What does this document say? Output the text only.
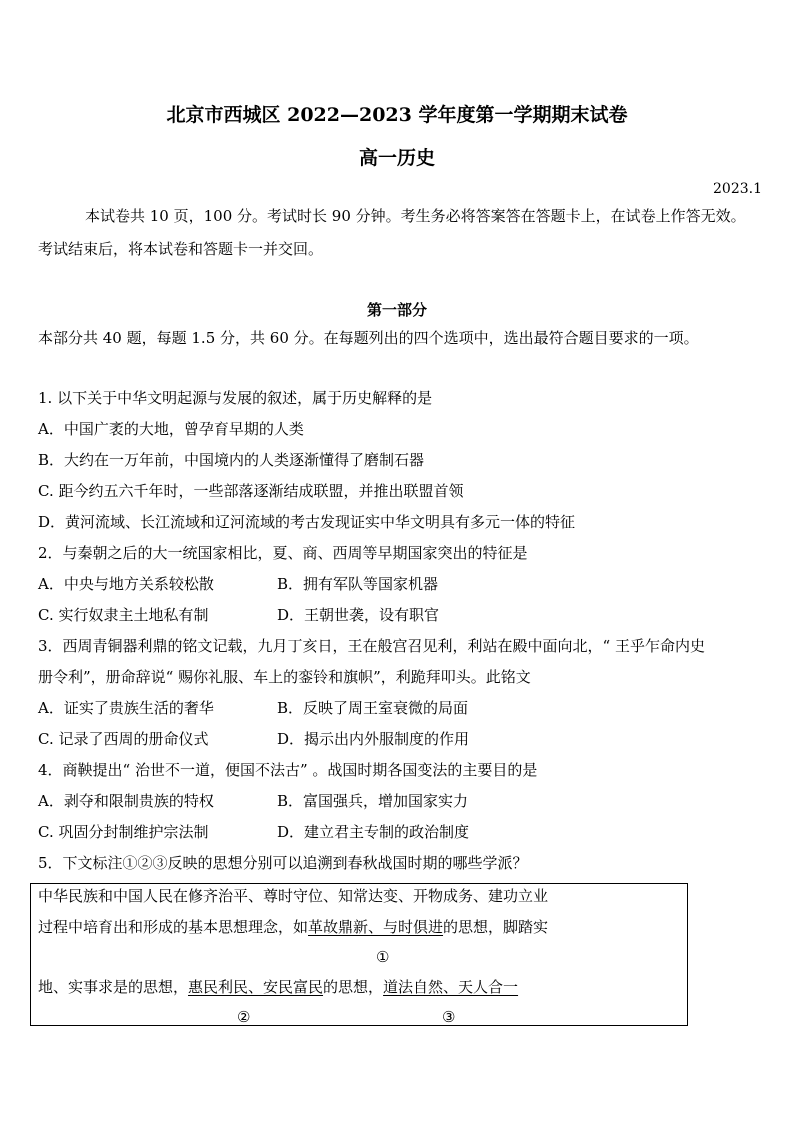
北京市西城区 2022—2023 学年度第一学期期末试卷
高一历史
2023.1
本试卷共 10 页，100 分。考试时长 90 分钟。考生务必将答案答在答题卡上，在试卷上作答无效。
考试结束后，将本试卷和答题卡一并交回。
第一部分
本部分共 40 题，每题 1.5 分，共 60 分。在每题列出的四个选项中，选出最符合题目要求的一项。
1. 以下关于中华文明起源与发展的叙述，属于历史解释的是
A．中国广袤的大地，曾孕育早期的人类
B．大约在一万年前，中国境内的人类逐渐懂得了磨制石器
C. 距今约五六千年时，一些部落逐渐结成联盟，并推出联盟首领
D．黄河流域、长江流域和辽河流域的考古发现证实中华文明具有多元一体的特征
2．与秦朝之后的大一统国家相比，夏、商、西周等早期国家突出的特征是
A．中央与地方关系较松散	B．拥有军队等国家机器
C. 实行奴隶主土地私有制	D．王朝世袭，设有职官
3．西周青铜器利鼎的铭文记载，九月丁亥日，王在般宫召见利，利站在殿中面向北，“ 王乎乍命内史
册令利”，册命辞说“ 赐你礼服、车上的銮铃和旗帜”，利跪拜叩头。此铭文
A．证实了贵族生活的奢华	B．反映了周王室衰微的局面
C. 记录了西周的册命仪式	D．揭示出内外服制度的作用
4．商鞅提出“ 治世不一道，便国不法古” 。战国时期各国变法的主要目的是
A．剥夺和限制贵族的特权	B．富国强兵，增加国家实力
C. 巩固分封制维护宗法制	D．建立君主专制的政治制度
5．下文标注①②③反映的思想分别可以追溯到春秋战国时期的哪些学派？
中华民族和中国人民在修齐治平、尊时守位、知常达变、开物成务、建功立业
过程中培育出和形成的基本思想理念，如革故鼎新、与时俱进的思想，脚踏实
①
地、实事求是的思想，惠民利民、安民富民的思想，道法自然、天人合一
②	③
